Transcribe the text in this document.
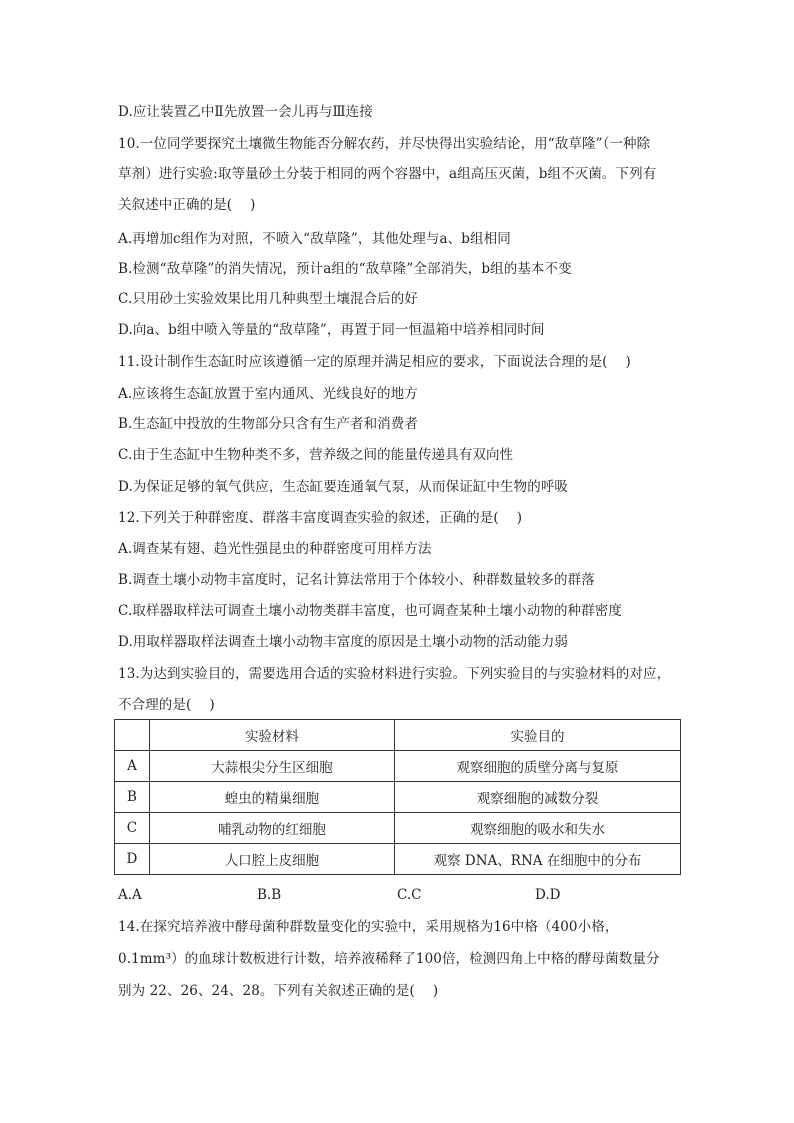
D.应让装置乙中Ⅱ先放置一会儿再与Ⅲ连接
10.一位同学要探究土壤微生物能否分解农药，并尽快得出实验结论，用“敌草隆”（一种除
草剂）进行实验:取等量砂土分装于相同的两个容器中，a组高压灭菌，b组不灭菌。下列有
关叙述中正确的是(　 )
A.再增加c组作为对照，不喷入“敌草隆”，其他处理与a、b组相同
B.检测“敌草隆”的消失情况，预计a组的“敌草隆”全部消失，b组的基本不变
C.只用砂土实验效果比用几种典型土壤混合后的好
D.向a、b组中喷入等量的“敌草隆”，再置于同一恒温箱中培养相同时间
11.设计制作生态缸时应该遵循一定的原理并满足相应的要求，下面说法合理的是(　 )
A.应该将生态缸放置于室内通风、光线良好的地方
B.生态缸中投放的生物部分只含有生产者和消费者
C.由于生态缸中生物种类不多，营养级之间的能量传递具有双向性
D.为保证足够的氧气供应，生态缸要连通氧气泵，从而保证缸中生物的呼吸
12.下列关于种群密度、群落丰富度调查实验的叙述，正确的是(　 )
A.调查某有翅、趋光性强昆虫的种群密度可用样方法
B.调查土壤小动物丰富度时，记名计算法常用于个体较小、种群数量较多的群落
C.取样器取样法可调查土壤小动物类群丰富度，也可调查某种土壤小动物的种群密度
D.用取样器取样法调查土壤小动物丰富度的原因是土壤小动物的活动能力弱
13.为达到实验目的，需要选用合适的实验材料进行实验。下列实验目的与实验材料的对应，
不合理的是(　 )
	实验材料	实验目的
A	大蒜根尖分生区细胞	观察细胞的质壁分离与复原
B	蝗虫的精巢细胞	观察细胞的减数分裂
C	哺乳动物的红细胞	观察细胞的吸水和失水
D	人口腔上皮细胞	观察 DNA、RNA 在细胞中的分布
A.A	B.B	C.C	D.D
14.在探究培养液中酵母菌种群数量变化的实验中，采用规格为16中格（400小格，
0.1mm³）的血球计数板进行计数，培养液稀释了100倍，检测四角上中格的酵母菌数量分
别为 22、26、24、28。下列有关叙述正确的是(　 )
